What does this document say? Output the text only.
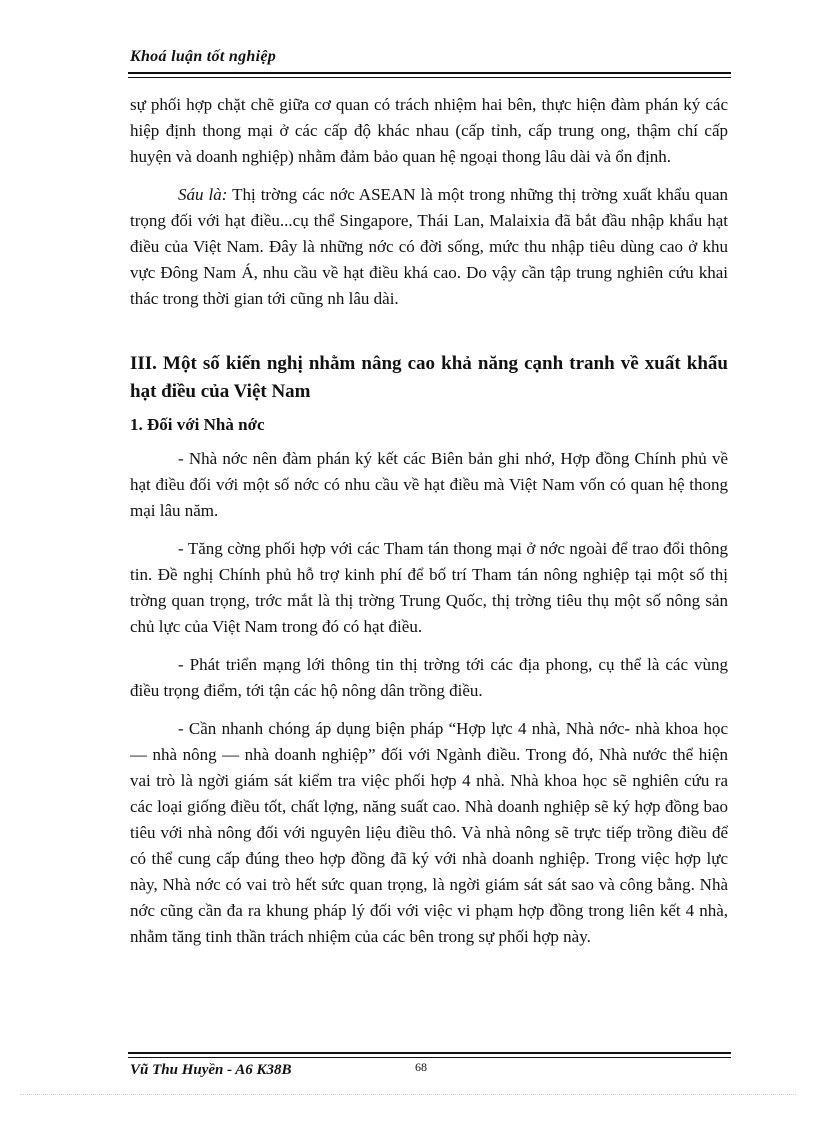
Khoá luận tốt nghiệp

sự phối hợp chặt chẽ giữa cơ quan có trách nhiệm hai bên, thực hiện đàm phán ký các hiệp định thong mại ở các cấp độ khác nhau (cấp tỉnh, cấp trung ong, thậm chí cấp huyện và doanh nghiệp) nhằm đảm bảo quan hệ ngoại thong lâu dài và ổn định.

Sáu là: Thị trờng các nớc ASEAN là một trong những thị trờng xuất khẩu quan trọng đối với hạt điều...cụ thể Singapore, Thái Lan, Malaixia đã bắt đầu nhập khẩu hạt điều của Việt Nam. Đây là những nớc có đời sống, mức thu nhập tiêu dùng cao ở khu vực Đông Nam Á, nhu cầu về hạt điều khá cao. Do vậy cần tập trung nghiên cứu khai thác trong thời gian tới cũng nh lâu dài.

III. Một số kiến nghị nhằm nâng cao khả năng cạnh tranh về xuất khẩu hạt điều của Việt Nam

1. Đối với Nhà nớc

- Nhà nớc nên đàm phán ký kết các Biên bản ghi nhớ, Hợp đồng Chính phủ về hạt điều đối với một số nớc có nhu cầu về hạt điều mà Việt Nam vốn có quan hệ thong mại lâu năm.

- Tăng cờng phối hợp với các Tham tán thong mại ở nớc ngoài để trao đổi thông tin. Đề nghị Chính phủ hỗ trợ kinh phí để bố trí Tham tán nông nghiệp tại một số thị trờng quan trọng, trớc mắt là thị trờng Trung Quốc, thị trờng tiêu thụ một số nông sản chủ lực của Việt Nam trong đó có hạt điều.

- Phát triển mạng lới thông tin thị trờng tới các địa phong, cụ thể là các vùng điều trọng điểm, tới tận các hộ nông dân trồng điều.

- Cần nhanh chóng áp dụng biện pháp “Hợp lực 4 nhà, Nhà nớc- nhà khoa học — nhà nông — nhà doanh nghiệp” đối với Ngành điều. Trong đó, Nhà nước thể hiện vai trò là ngời giám sát kiểm tra việc phối hợp 4 nhà. Nhà khoa học sẽ nghiên cứu ra các loại giống điều tốt, chất lợng, năng suất cao. Nhà doanh nghiệp sẽ ký hợp đồng bao tiêu với nhà nông đối với nguyên liệu điều thô. Và nhà nông sẽ trực tiếp trồng điều để có thể cung cấp đúng theo hợp đồng đã ký với nhà doanh nghiệp. Trong việc hợp lực này, Nhà nớc có vai trò hết sức quan trọng, là ngời giám sát sát sao và công bằng. Nhà nớc cũng cần đa ra khung pháp lý đối với việc vi phạm hợp đồng trong liên kết 4 nhà, nhằm tăng tinh thần trách nhiệm của các bên trong sự phối hợp này.

Vũ Thu Huyền - A6 K38B	68
